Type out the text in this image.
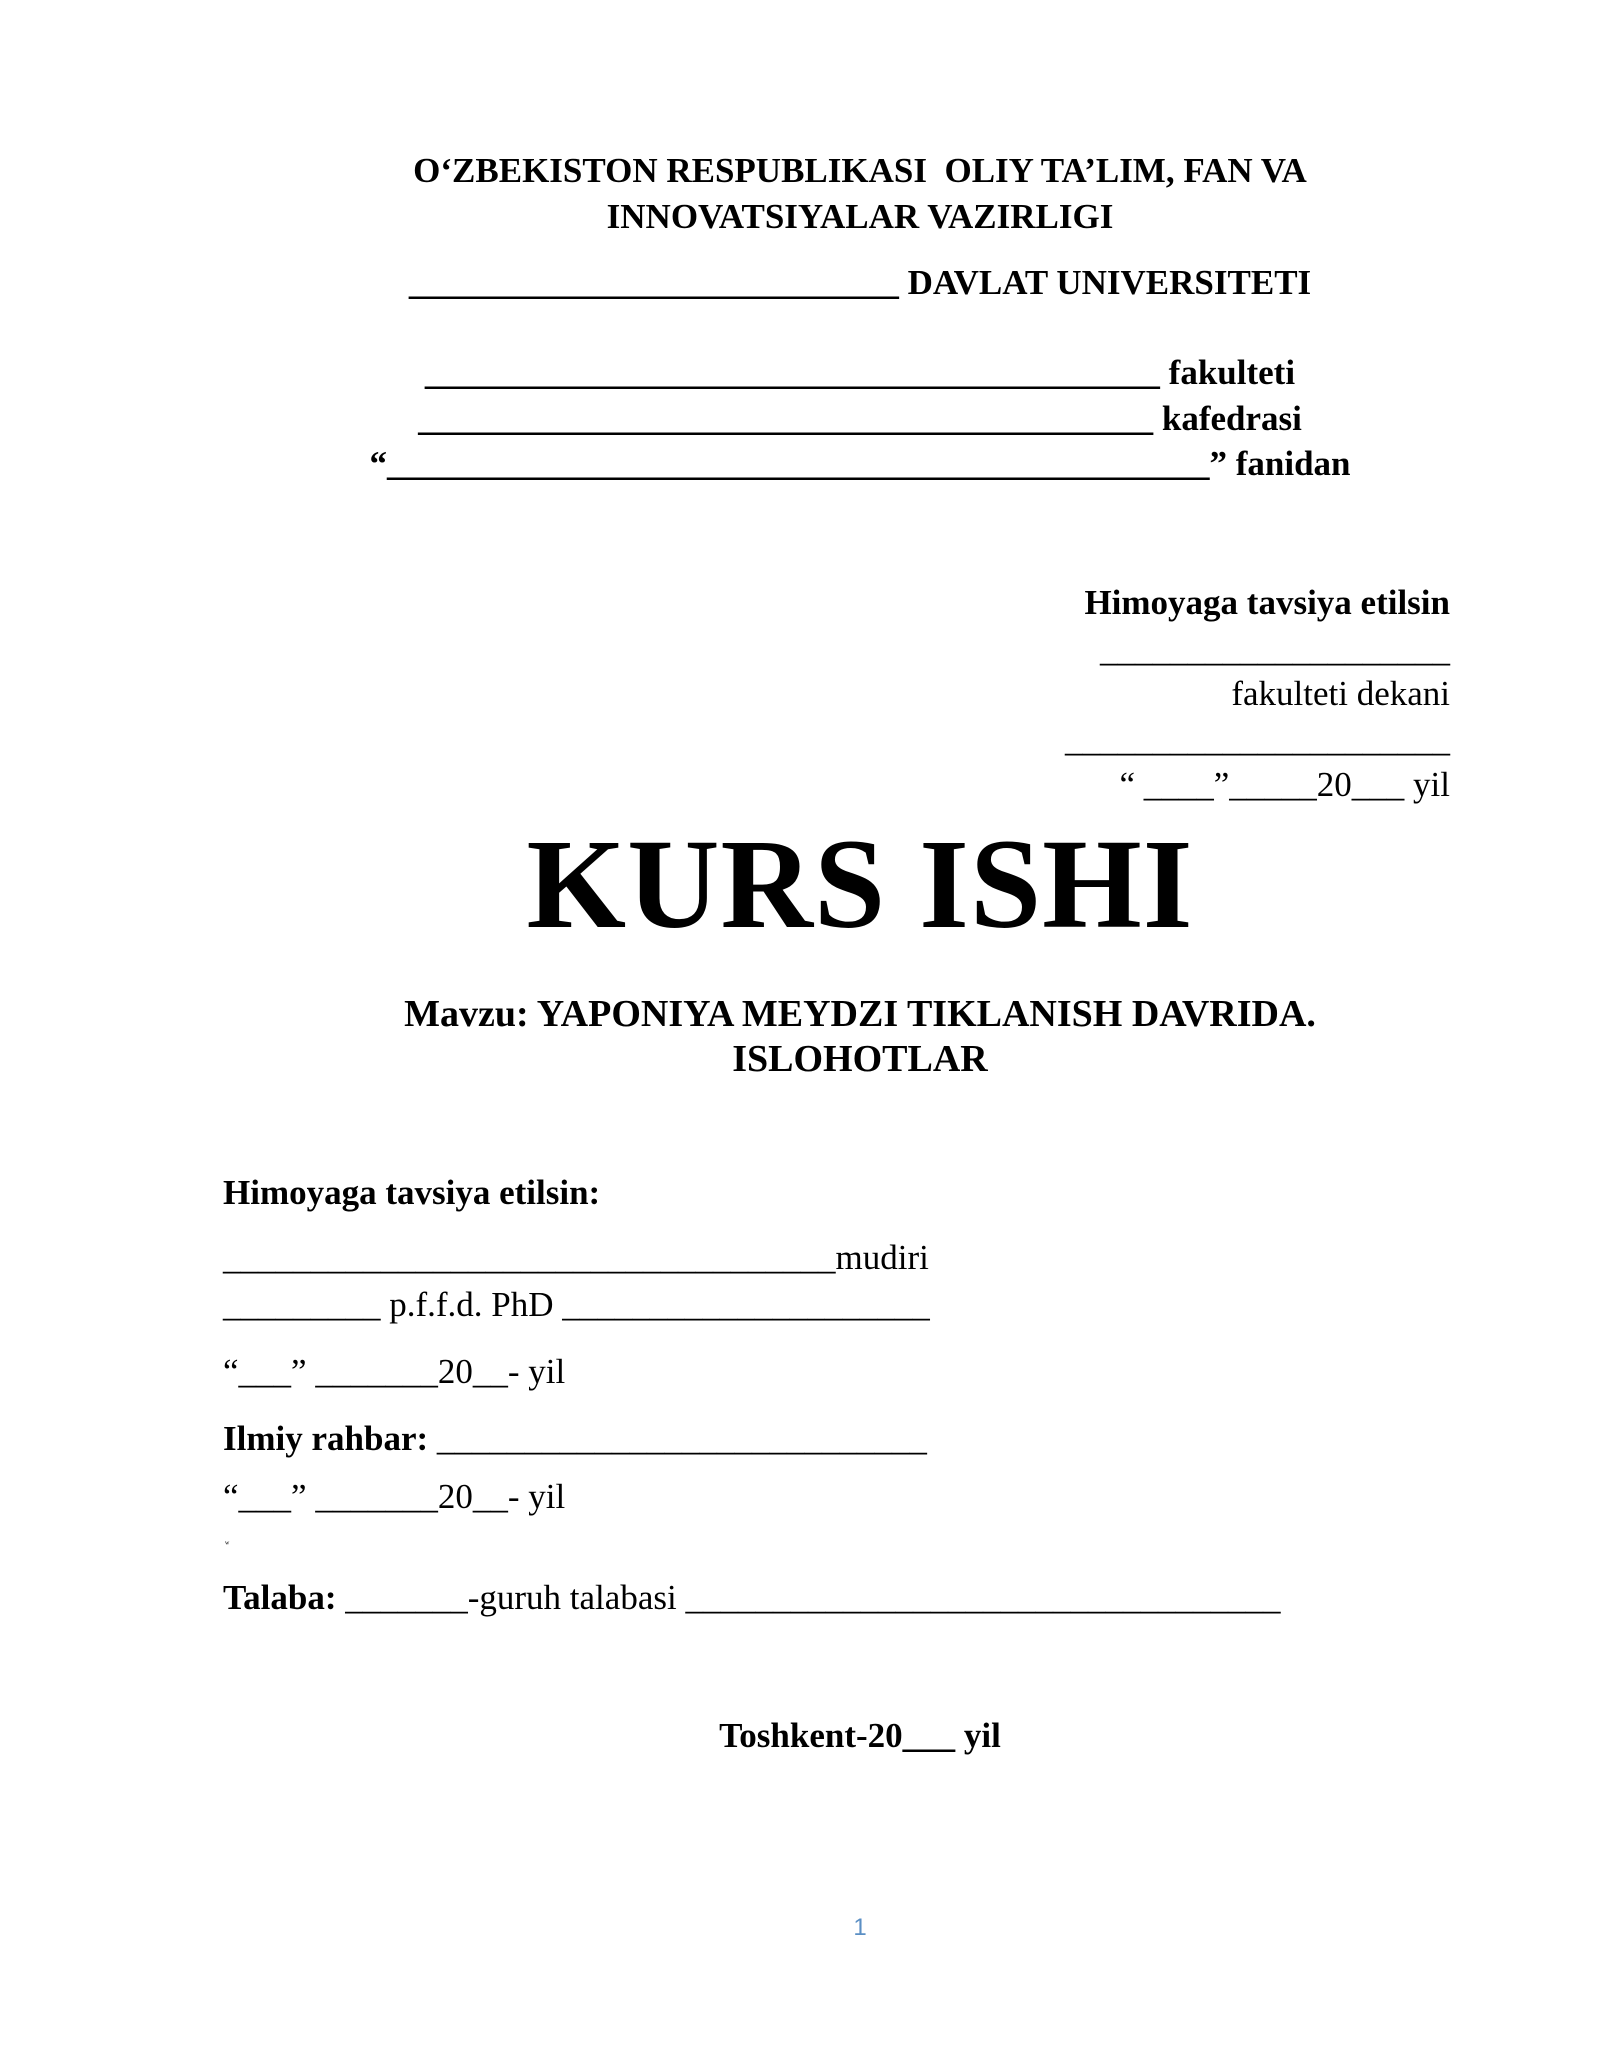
O‘ZBEKISTON RESPUBLIKASI  OLIY TA’LIM, FAN VA
INNOVATSIYALAR VAZIRLIGI
____________________________ DAVLAT UNIVERSITETI
__________________________________________ fakulteti
__________________________________________ kafedrasi
“_______________________________________________” fanidan
Himoyaga tavsiya etilsin
____________________
fakulteti dekani
______________________
“ ____”_____20___ yil
KURS ISHI
Mavzu: YAPONIYA MEYDZI TIKLANISH DAVRIDA.
ISLOHOTLAR
Himoyaga tavsiya etilsin:
___________________________________mudiri
_________ p.f.f.d. PhD _____________________
“___” _______20__- yil
Ilmiy rahbar: ____________________________
“___” _______20__- yil
ʷ
Talaba: _______-guruh talabasi __________________________________
Toshkent-20___ yil
1
